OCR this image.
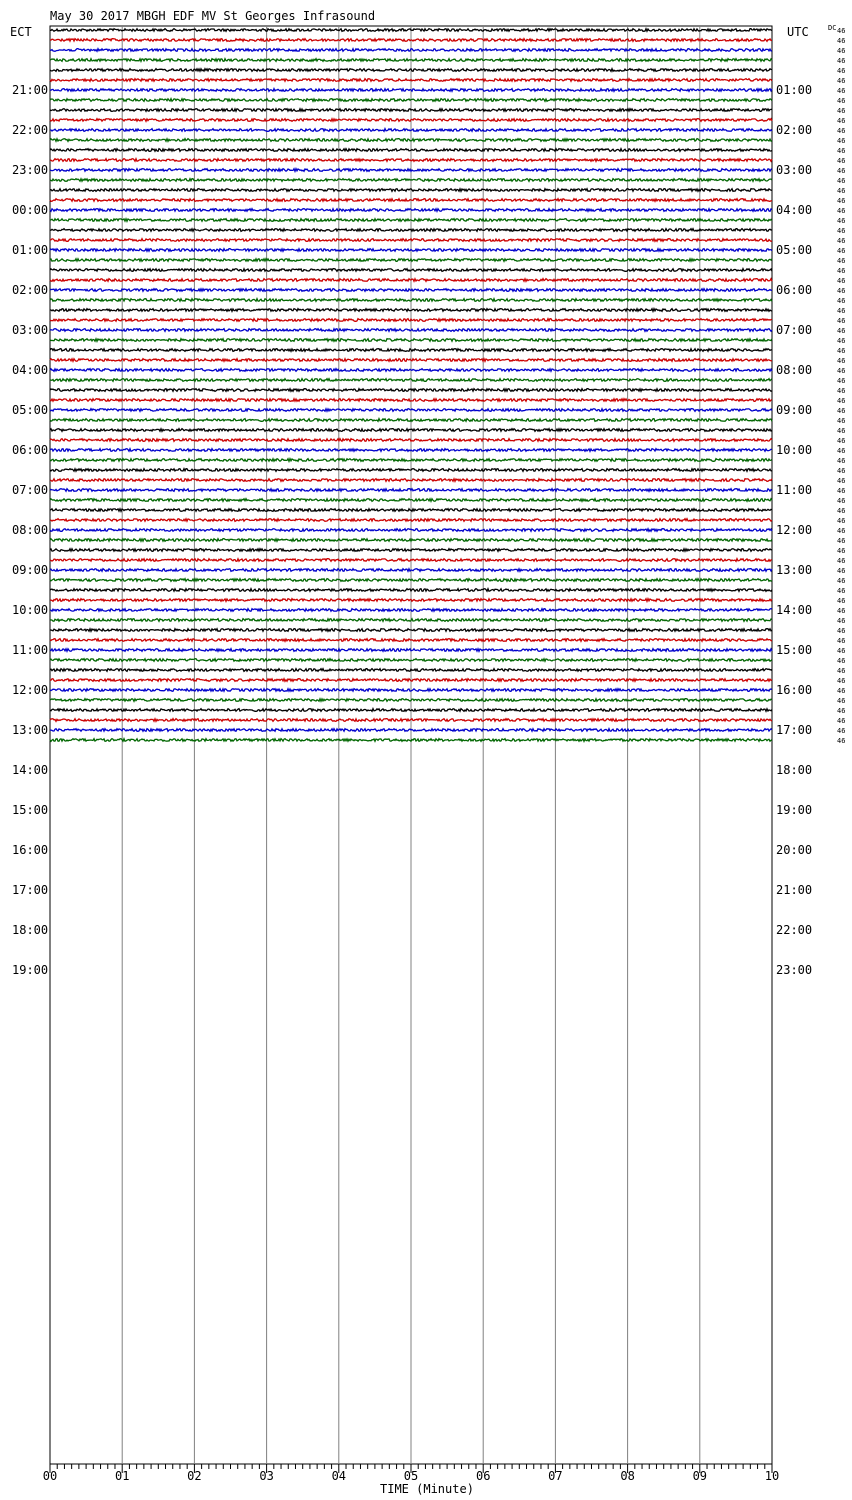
May 30 2017 MBGH EDF MV St Georges Infrasound
ECT	UTC	DC
TIME (Minute)
46
46
46
46
46
46
46
46
46
46
46
46
46
46
46
46
46
46
46
46
46
46
46
46
46
46
46
46
46
46
46
46
46
46
46
46
46
46
46
46
46
46
46
46
46
46
46
46
46
46
46
46
46
46
46
46
46
46
46
46
46
46
46
46
46
46
46
46
46
46
46
46
21:00
22:00
23:00
00:00
01:00
02:00
03:00
04:00
05:00
06:00
07:00
08:00
09:00
10:00
11:00
12:00
13:00
14:00
15:00
16:00
17:00
18:00
19:00
01:00
02:00
03:00
04:00
05:00
06:00
07:00
08:00
09:00
10:00
11:00
12:00
13:00
14:00
15:00
16:00
17:00
18:00
19:00
20:00
21:00
22:00
23:00
00	01	02	03	04	05	06	07	08	09	10
